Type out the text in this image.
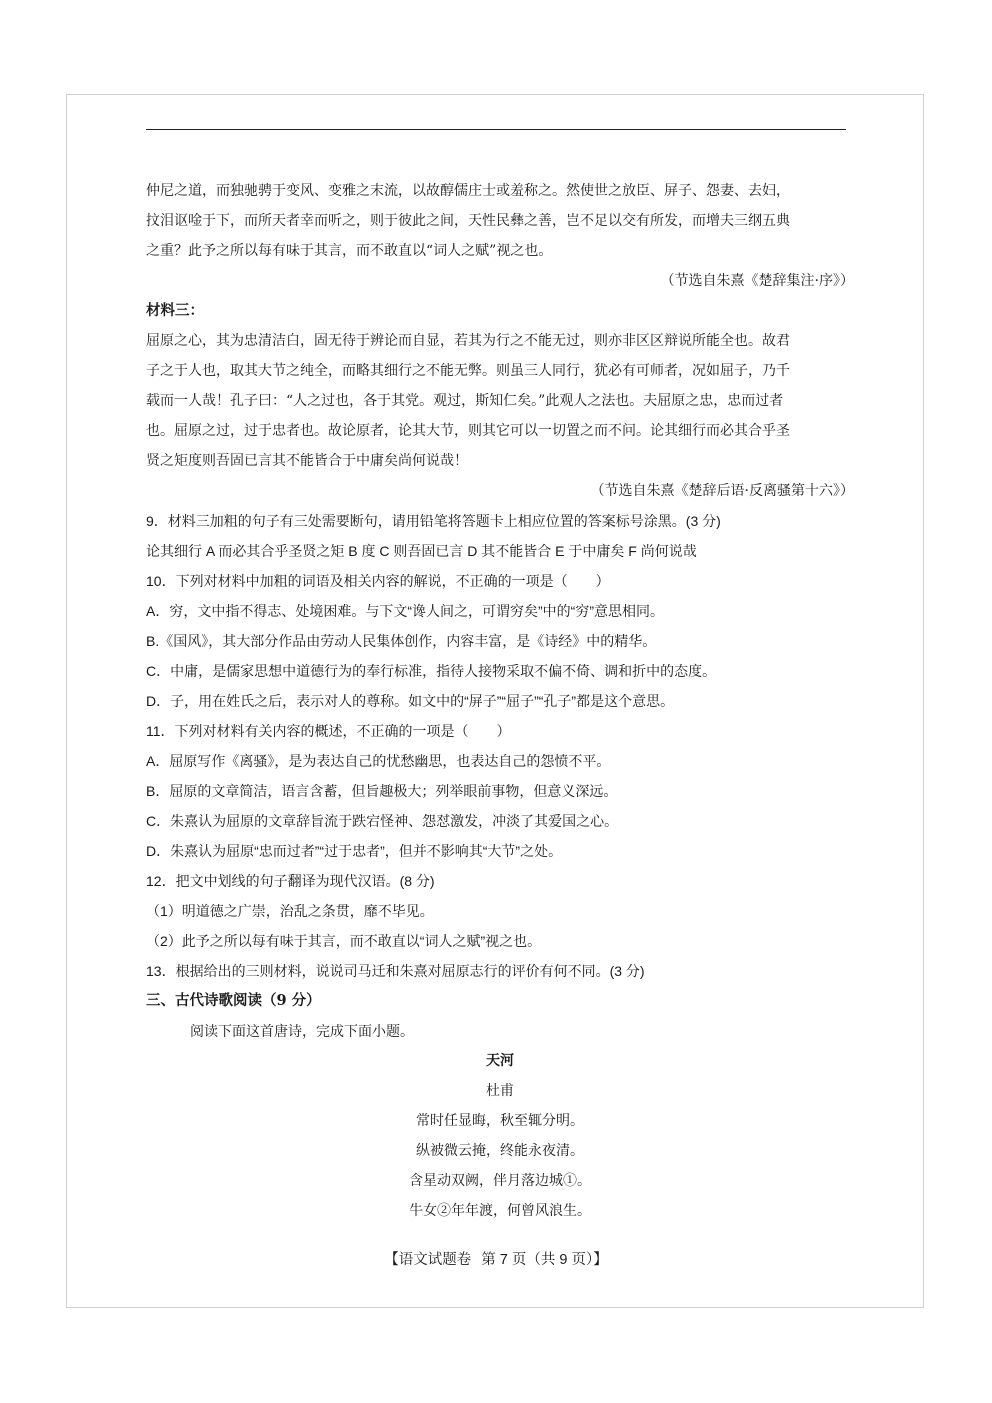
仲尼之道，而独驰骋于变风、变雅之末流，以故醇儒庄士或羞称之。然使世之放臣、屏子、怨妻、去妇，

抆泪讴唫于下，而所天者幸而听之，则于彼此之间，天性民彝之善，岂不足以交有所发，而增夫三纲五典

之重？此予之所以每有味于其言，而不敢直以“词人之赋”视之也。

（节选自朱熹《楚辞集注·序》）

材料三：

屈原之心，其为忠清洁白，固无待于辨论而自显，若其为行之不能无过，则亦非区区辩说所能全也。故君

子之于人也，取其大节之纯全，而略其细行之不能无弊。则虽三人同行，犹必有可师者，况如屈子，乃千

载而一人哉！孔子曰：“人之过也，各于其党。观过，斯知仁矣。”此观人之法也。夫屈原之忠，忠而过者

也。屈原之过，过于忠者也。故论原者，论其大节，则其它可以一切置之而不问。论其细行而必其合乎圣

贤之矩度则吾固已言其不能皆合于中庸矣尚何说哉！

（节选自朱熹《楚辞后语·反离骚第十六》）

9．材料三加粗的句子有三处需要断句，请用铅笔将答题卡上相应位置的答案标号涂黑。(3 分)

论其细行 A 而必其合乎圣贤之矩 B 度 C 则吾固已言 D 其不能皆合 E 于中庸矣 F 尚何说哉

10．下列对材料中加粗的词语及相关内容的解说，不正确的一项是（　　）

A．穷，文中指不得志、处境困难。与下文“谗人间之，可谓穷矣”中的“穷”意思相同。

B.《国风》，其大部分作品由劳动人民集体创作，内容丰富，是《诗经》中的精华。

C．中庸，是儒家思想中道德行为的奉行标准，指待人接物采取不偏不倚、调和折中的态度。

D．子，用在姓氏之后，表示对人的尊称。如文中的“屏子”“屈子”“孔子”都是这个意思。

11．下列对材料有关内容的概述，不正确的一项是（　　）

A．屈原写作《离骚》，是为表达自己的忧愁幽思，也表达自己的怨愤不平。

B．屈原的文章简洁，语言含蓄，但旨趣极大；列举眼前事物，但意义深远。

C．朱熹认为屈原的文章辞旨流于跌宕怪神、怨怼激发，冲淡了其爱国之心。

D．朱熹认为屈原“忠而过者”“过于忠者”，但并不影响其“大节”之处。

12．把文中划线的句子翻译为现代汉语。(8 分)

（1）明道德之广崇，治乱之条贯，靡不毕见。

（2）此予之所以每有味于其言，而不敢直以“词人之赋”视之也。

13．根据给出的三则材料，说说司马迁和朱熹对屈原志行的评价有何不同。(3 分)

三、古代诗歌阅读（9 分）

阅读下面这首唐诗，完成下面小题。

天河

杜甫

常时任显晦，秋至辄分明。

纵被微云掩，终能永夜清。

含星动双阙，伴月落边城①。

牛女②年年渡，何曾风浪生。

【语文试题卷 第 7 页（共 9 页）】
